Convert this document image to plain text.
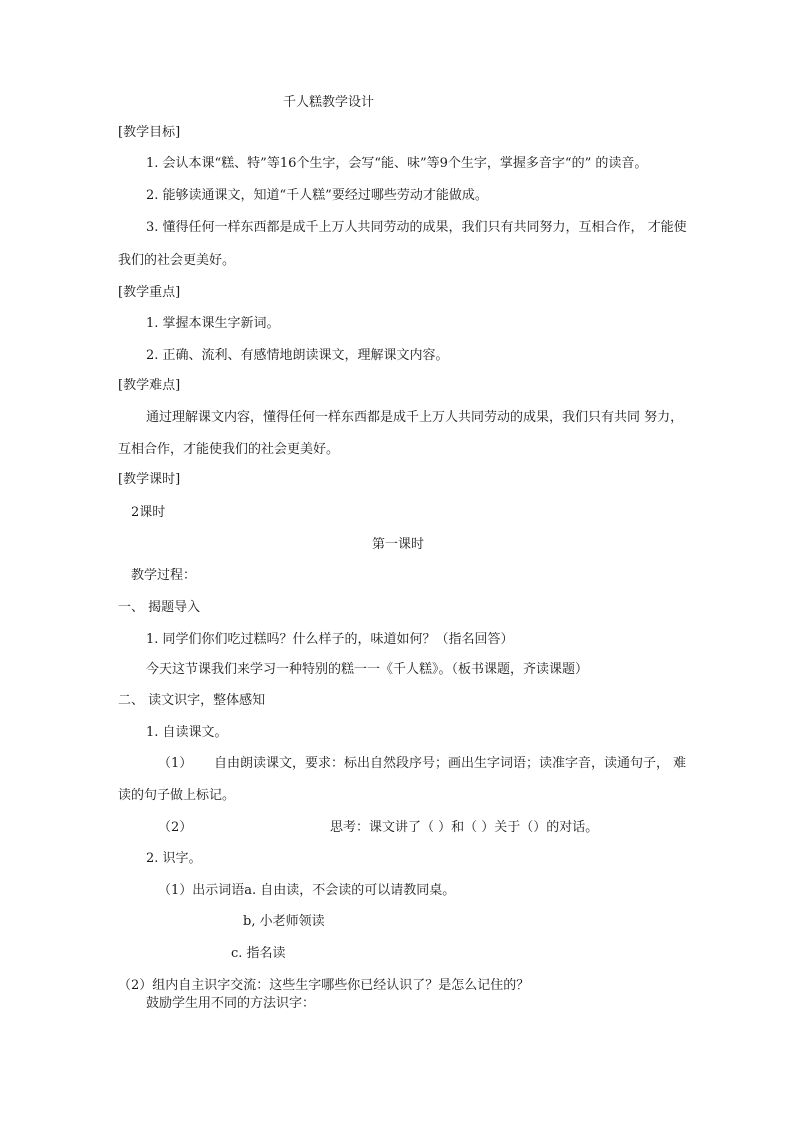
千人糕教学设计
[教学目标]
1. 会认本课“糕、特”等16个生字，会写“能、味”等9个生字，掌握多音字“的” 的读音。
2. 能够读通课文，知道“千人糕”要经过哪些劳动才能做成。
3. 懂得任何一样东西都是成千上万人共同劳动的成果，我们只有共同努力，互相合作， 才能使
我们的社会更美好。
[教学重点]
1. 掌握本课生字新词。
2. 正确、流利、有感情地朗读课文，理解课文内容。
[教学难点]
通过理解课文内容，懂得任何一样东西都是成千上万人共同劳动的成果，我们只有共同 努力，
互相合作，才能使我们的社会更美好。
[教学课时]
2课时
第一课时
教学过程：
一、 揭题导入
1. 同学们你们吃过糕吗？什么样子的，味道如何？（指名回答）
今天这节课我们来学习一种特别的糕一一《千人糕》。（板书课题，齐读课题）
二、 读文识字，整体感知
1. 自读课文。
（1） 自由朗读课文，要求：标出自然段序号；画出生字词语；读准字音，读通句子， 难
读的句子做上标记。
（2）	思考：课文讲了（ ）和（ ）关于（）的对话。
2. 识字。
（1）出示词语a. 自由读，不会读的可以请教同桌。
b, 小老师领读
c. 指名读
（2）组内自主识字交流：这些生字哪些你已经认识了？是怎么记住的？
鼓励学生用不同的方法识字：
